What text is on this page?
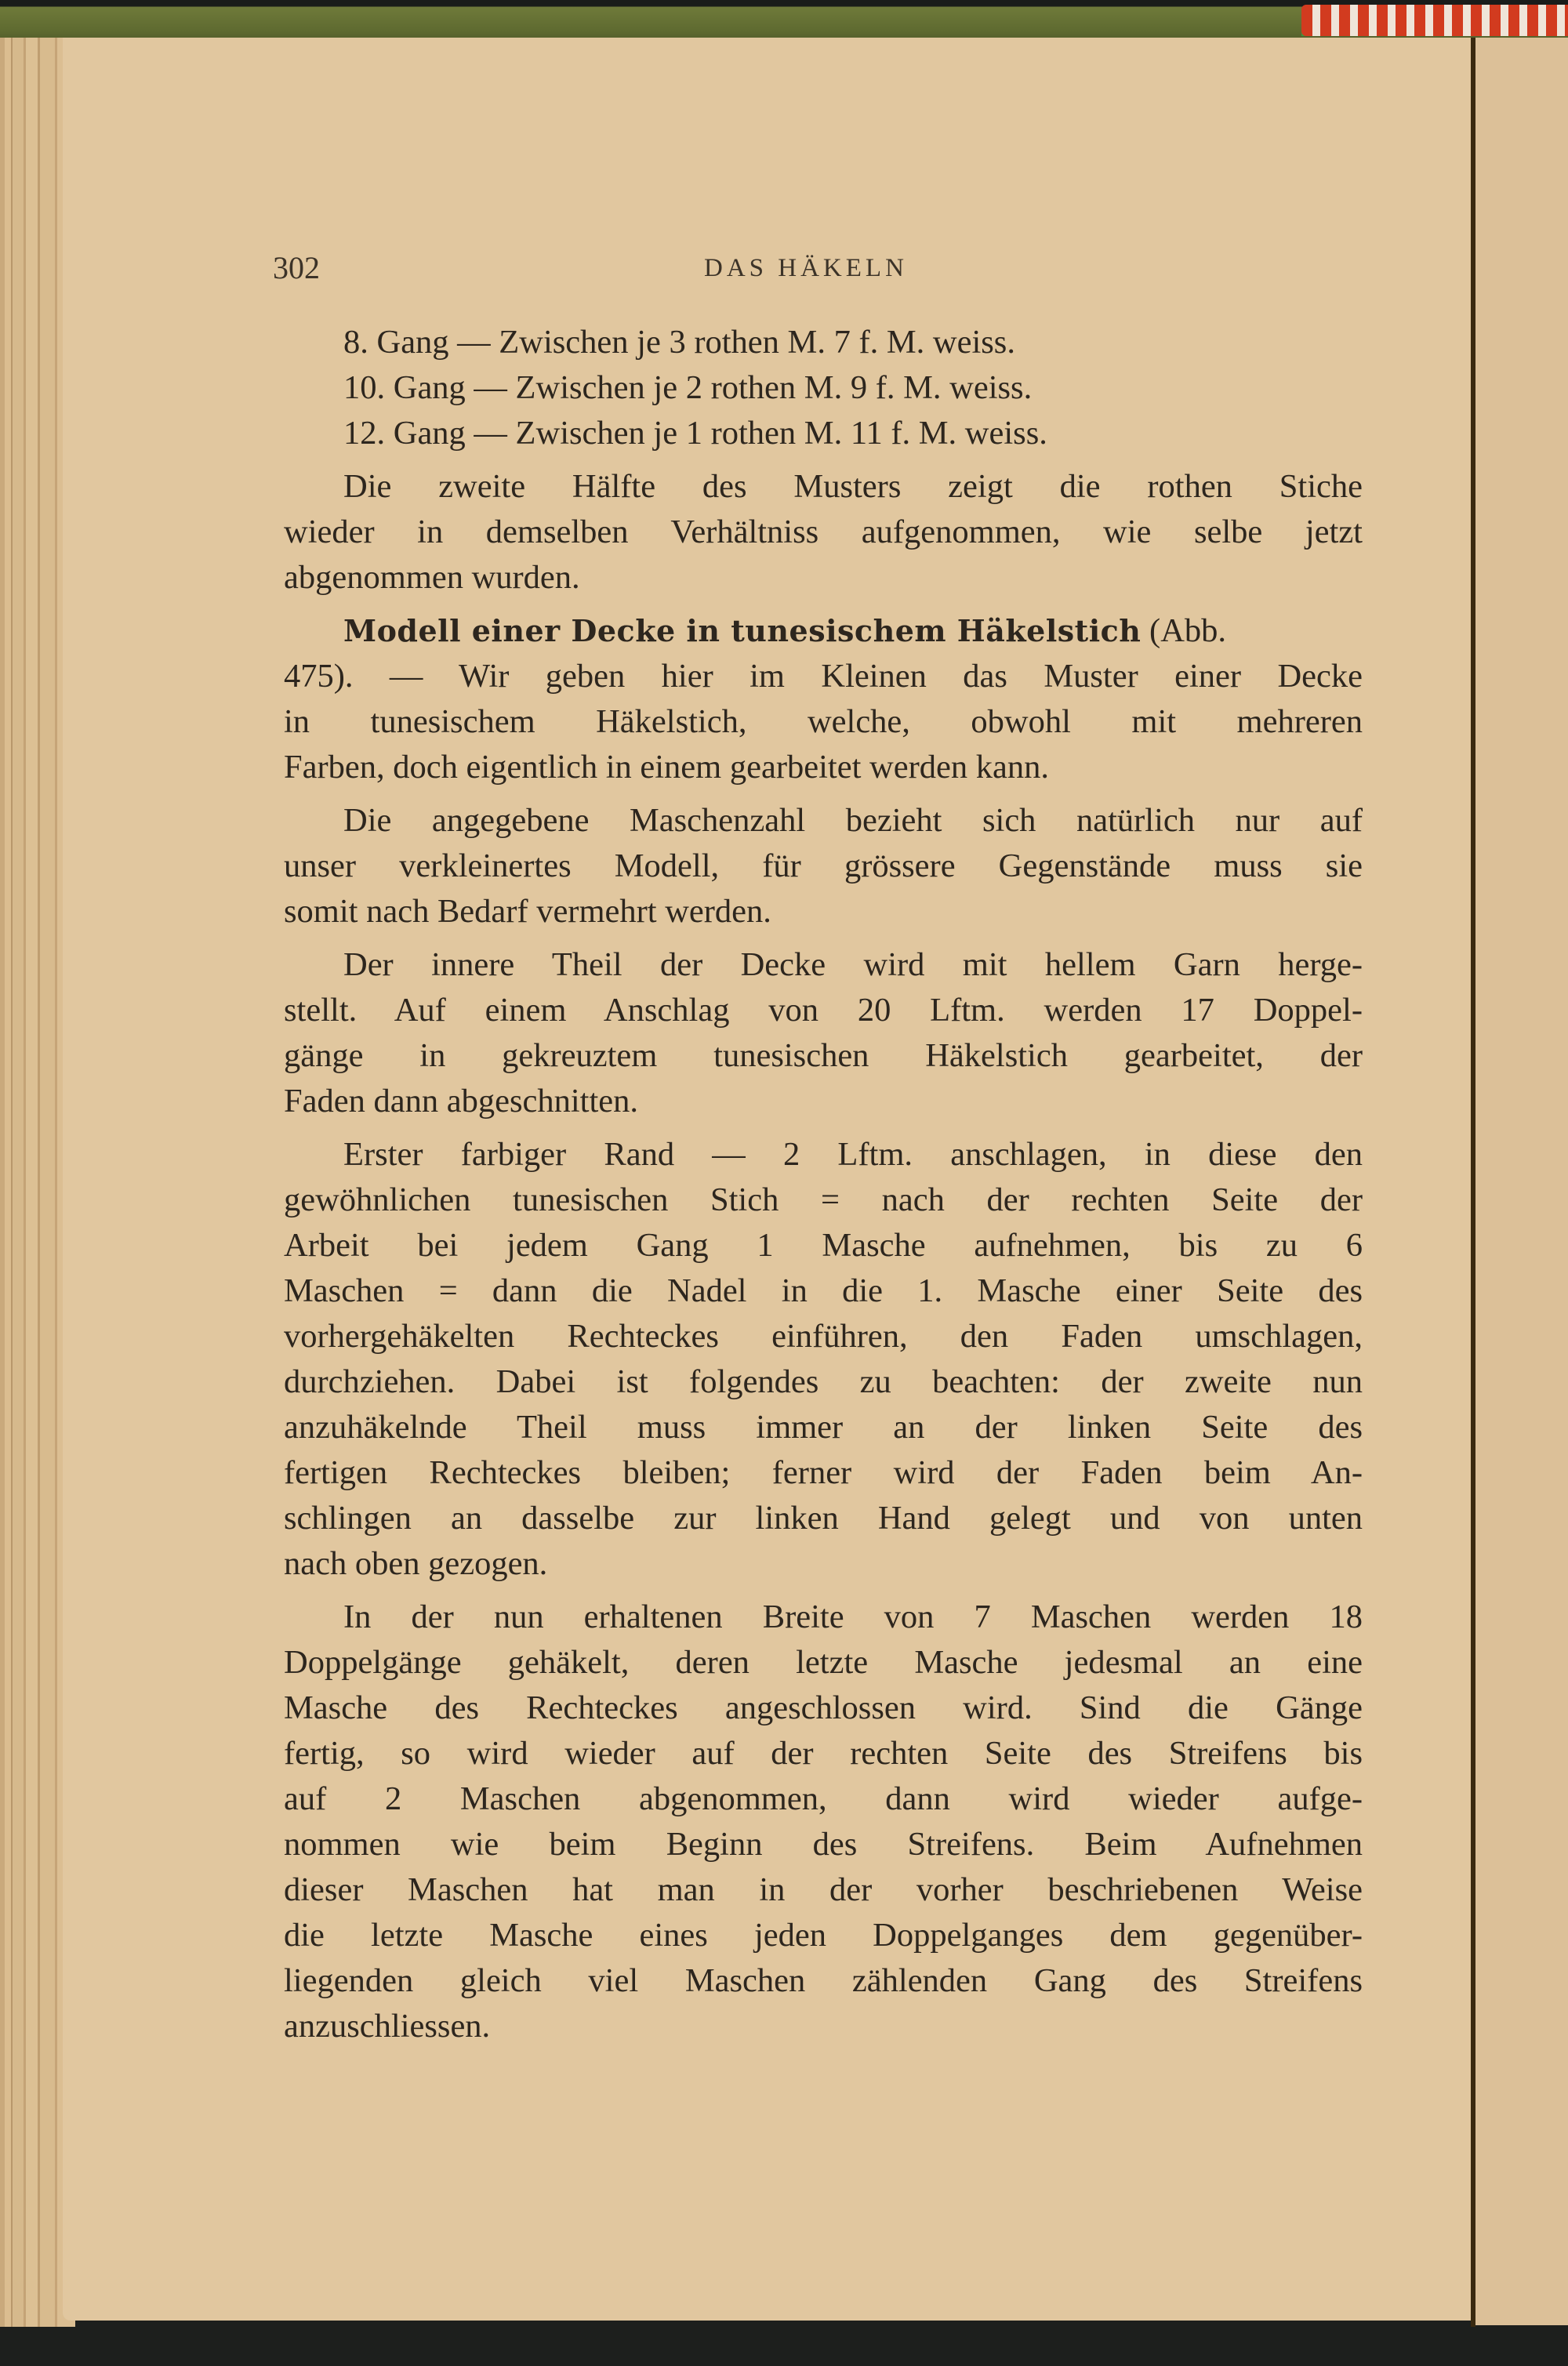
302	DAS HÄKELN
8. Gang — Zwischen je 3 rothen M. 7 f. M. weiss.
10. Gang — Zwischen je 2 rothen M. 9 f. M. weiss.
12. Gang — Zwischen je 1 rothen M. 11 f. M. weiss.
Die zweite Hälfte des Musters zeigt die rothen Stiche
wieder in demselben Verhältniss aufgenommen, wie selbe jetzt
abgenommen wurden.
Modell einer Decke in tunesischem Häkelstich (Abb.
475). — Wir geben hier im Kleinen das Muster einer Decke
in tunesischem Häkelstich, welche, obwohl mit mehreren
Farben, doch eigentlich in einem gearbeitet werden kann.
Die angegebene Maschenzahl bezieht sich natürlich nur auf
unser verkleinertes Modell, für grössere Gegenstände muss sie
somit nach Bedarf vermehrt werden.
Der innere Theil der Decke wird mit hellem Garn herge-
stellt. Auf einem Anschlag von 20 Lftm. werden 17 Doppel-
gänge in gekreuztem tunesischen Häkelstich gearbeitet, der
Faden dann abgeschnitten.
Erster farbiger Rand — 2 Lftm. anschlagen, in diese den
gewöhnlichen tunesischen Stich = nach der rechten Seite der
Arbeit bei jedem Gang 1 Masche aufnehmen, bis zu 6
Maschen = dann die Nadel in die 1. Masche einer Seite des
vorhergehäkelten Rechteckes einführen, den Faden umschlagen,
durchziehen. Dabei ist folgendes zu beachten: der zweite nun
anzuhäkelnde Theil muss immer an der linken Seite des
fertigen Rechteckes bleiben; ferner wird der Faden beim An-
schlingen an dasselbe zur linken Hand gelegt und von unten
nach oben gezogen.
In der nun erhaltenen Breite von 7 Maschen werden 18
Doppelgänge gehäkelt, deren letzte Masche jedesmal an eine
Masche des Rechteckes angeschlossen wird. Sind die Gänge
fertig, so wird wieder auf der rechten Seite des Streifens bis
auf 2 Maschen abgenommen, dann wird wieder aufge-
nommen wie beim Beginn des Streifens. Beim Aufnehmen
dieser Maschen hat man in der vorher beschriebenen Weise
die letzte Masche eines jeden Doppelganges dem gegenüber-
liegenden gleich viel Maschen zählenden Gang des Streifens
anzuschliessen.
